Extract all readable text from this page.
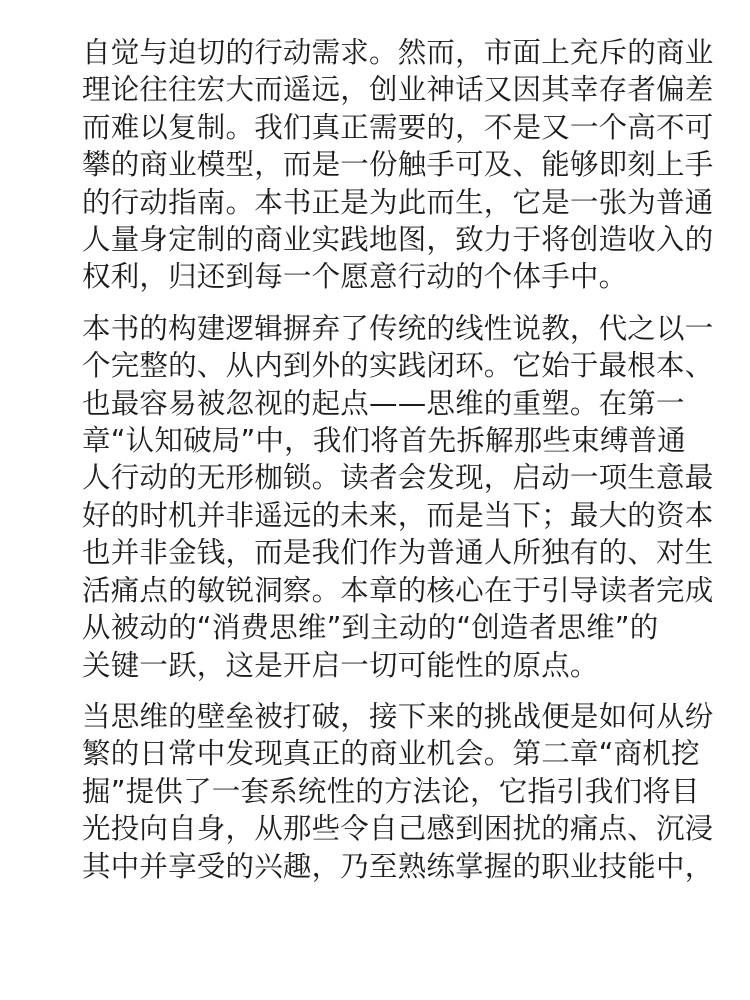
自觉与迫切的行动需求。然而，市面上充斥的商业
理论往往宏大而遥远，创业神话又因其幸存者偏差
而难以复制。我们真正需要的，不是又一个高不可
攀的商业模型，而是一份触手可及、能够即刻上手
的行动指南。本书正是为此而生，它是一张为普通
人量身定制的商业实践地图，致力于将创造收入的
权利，归还到每一个愿意行动的个体手中。

本书的构建逻辑摒弃了传统的线性说教，代之以一
个完整的、从内到外的实践闭环。它始于最根本、
也最容易被忽视的起点——思维的重塑。在第一
章“认知破局”中，我们将首先拆解那些束缚普通
人行动的无形枷锁。读者会发现，启动一项生意最
好的时机并非遥远的未来，而是当下；最大的资本
也并非金钱，而是我们作为普通人所独有的、对生
活痛点的敏锐洞察。本章的核心在于引导读者完成
从被动的“消费思维”到主动的“创造者思维”的
关键一跃，这是开启一切可能性的原点。

当思维的壁垒被打破，接下来的挑战便是如何从纷
繁的日常中发现真正的商业机会。第二章“商机挖
掘”提供了一套系统性的方法论，它指引我们将目
光投向自身，从那些令自己感到困扰的痛点、沉浸
其中并享受的兴趣，乃至熟练掌握的职业技能中，
